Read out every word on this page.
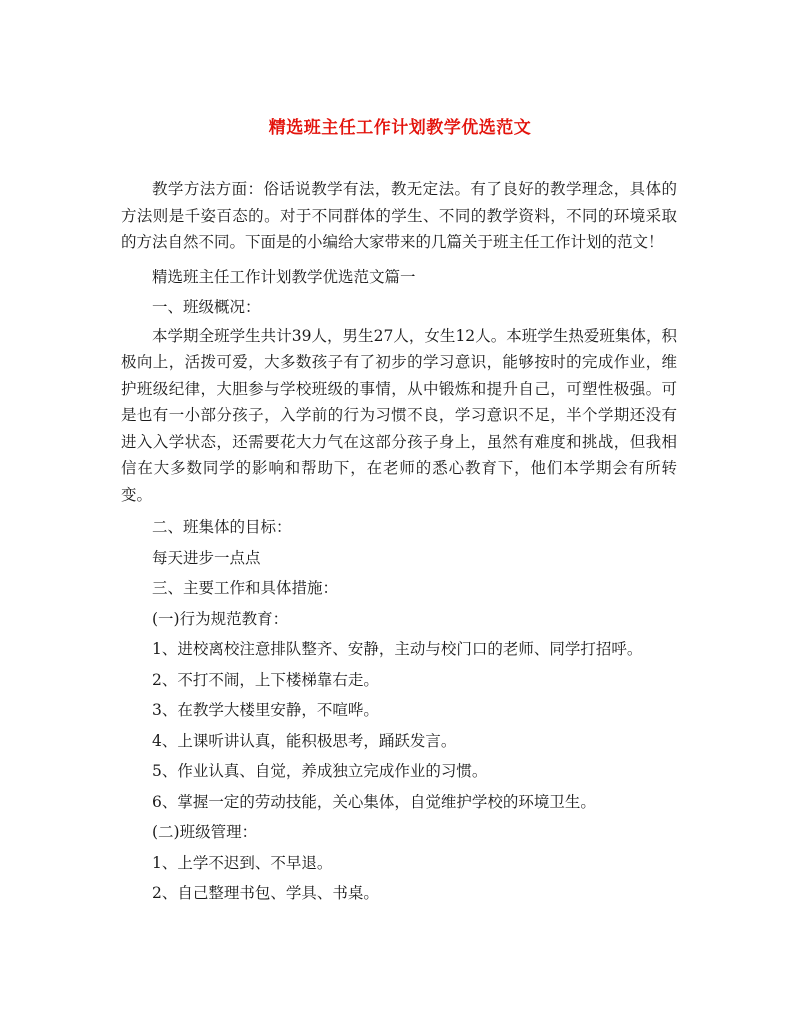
精选班主任工作计划教学优选范文

教学方法方面：俗话说教学有法，教无定法。有了良好的教学理念，具体的方法则是千姿百态的。对于不同群体的学生、不同的教学资料，不同的环境采取的方法自然不同。下面是的小编给大家带来的几篇关于班主任工作计划的范文！

精选班主任工作计划教学优选范文篇一

一、班级概况：

本学期全班学生共计39人，男生27人，女生12人。本班学生热爱班集体，积极向上，活拨可爱，大多数孩子有了初步的学习意识，能够按时的完成作业，维护班级纪律，大胆参与学校班级的事情，从中锻炼和提升自己，可塑性极强。可是也有一小部分孩子，入学前的行为习惯不良，学习意识不足，半个学期还没有进入入学状态，还需要花大力气在这部分孩子身上，虽然有难度和挑战，但我相信在大多数同学的影响和帮助下，在老师的悉心教育下，他们本学期会有所转变。

二、班集体的目标：

每天进步一点点

三、主要工作和具体措施：

(一)行为规范教育：

1、进校离校注意排队整齐、安静，主动与校门口的老师、同学打招呼。

2、不打不闹，上下楼梯靠右走。

3、在教学大楼里安静，不喧哗。

4、上课听讲认真，能积极思考，踊跃发言。

5、作业认真、自觉，养成独立完成作业的习惯。

6、掌握一定的劳动技能，关心集体，自觉维护学校的环境卫生。

(二)班级管理：

1、上学不迟到、不早退。

2、自己整理书包、学具、书桌。
